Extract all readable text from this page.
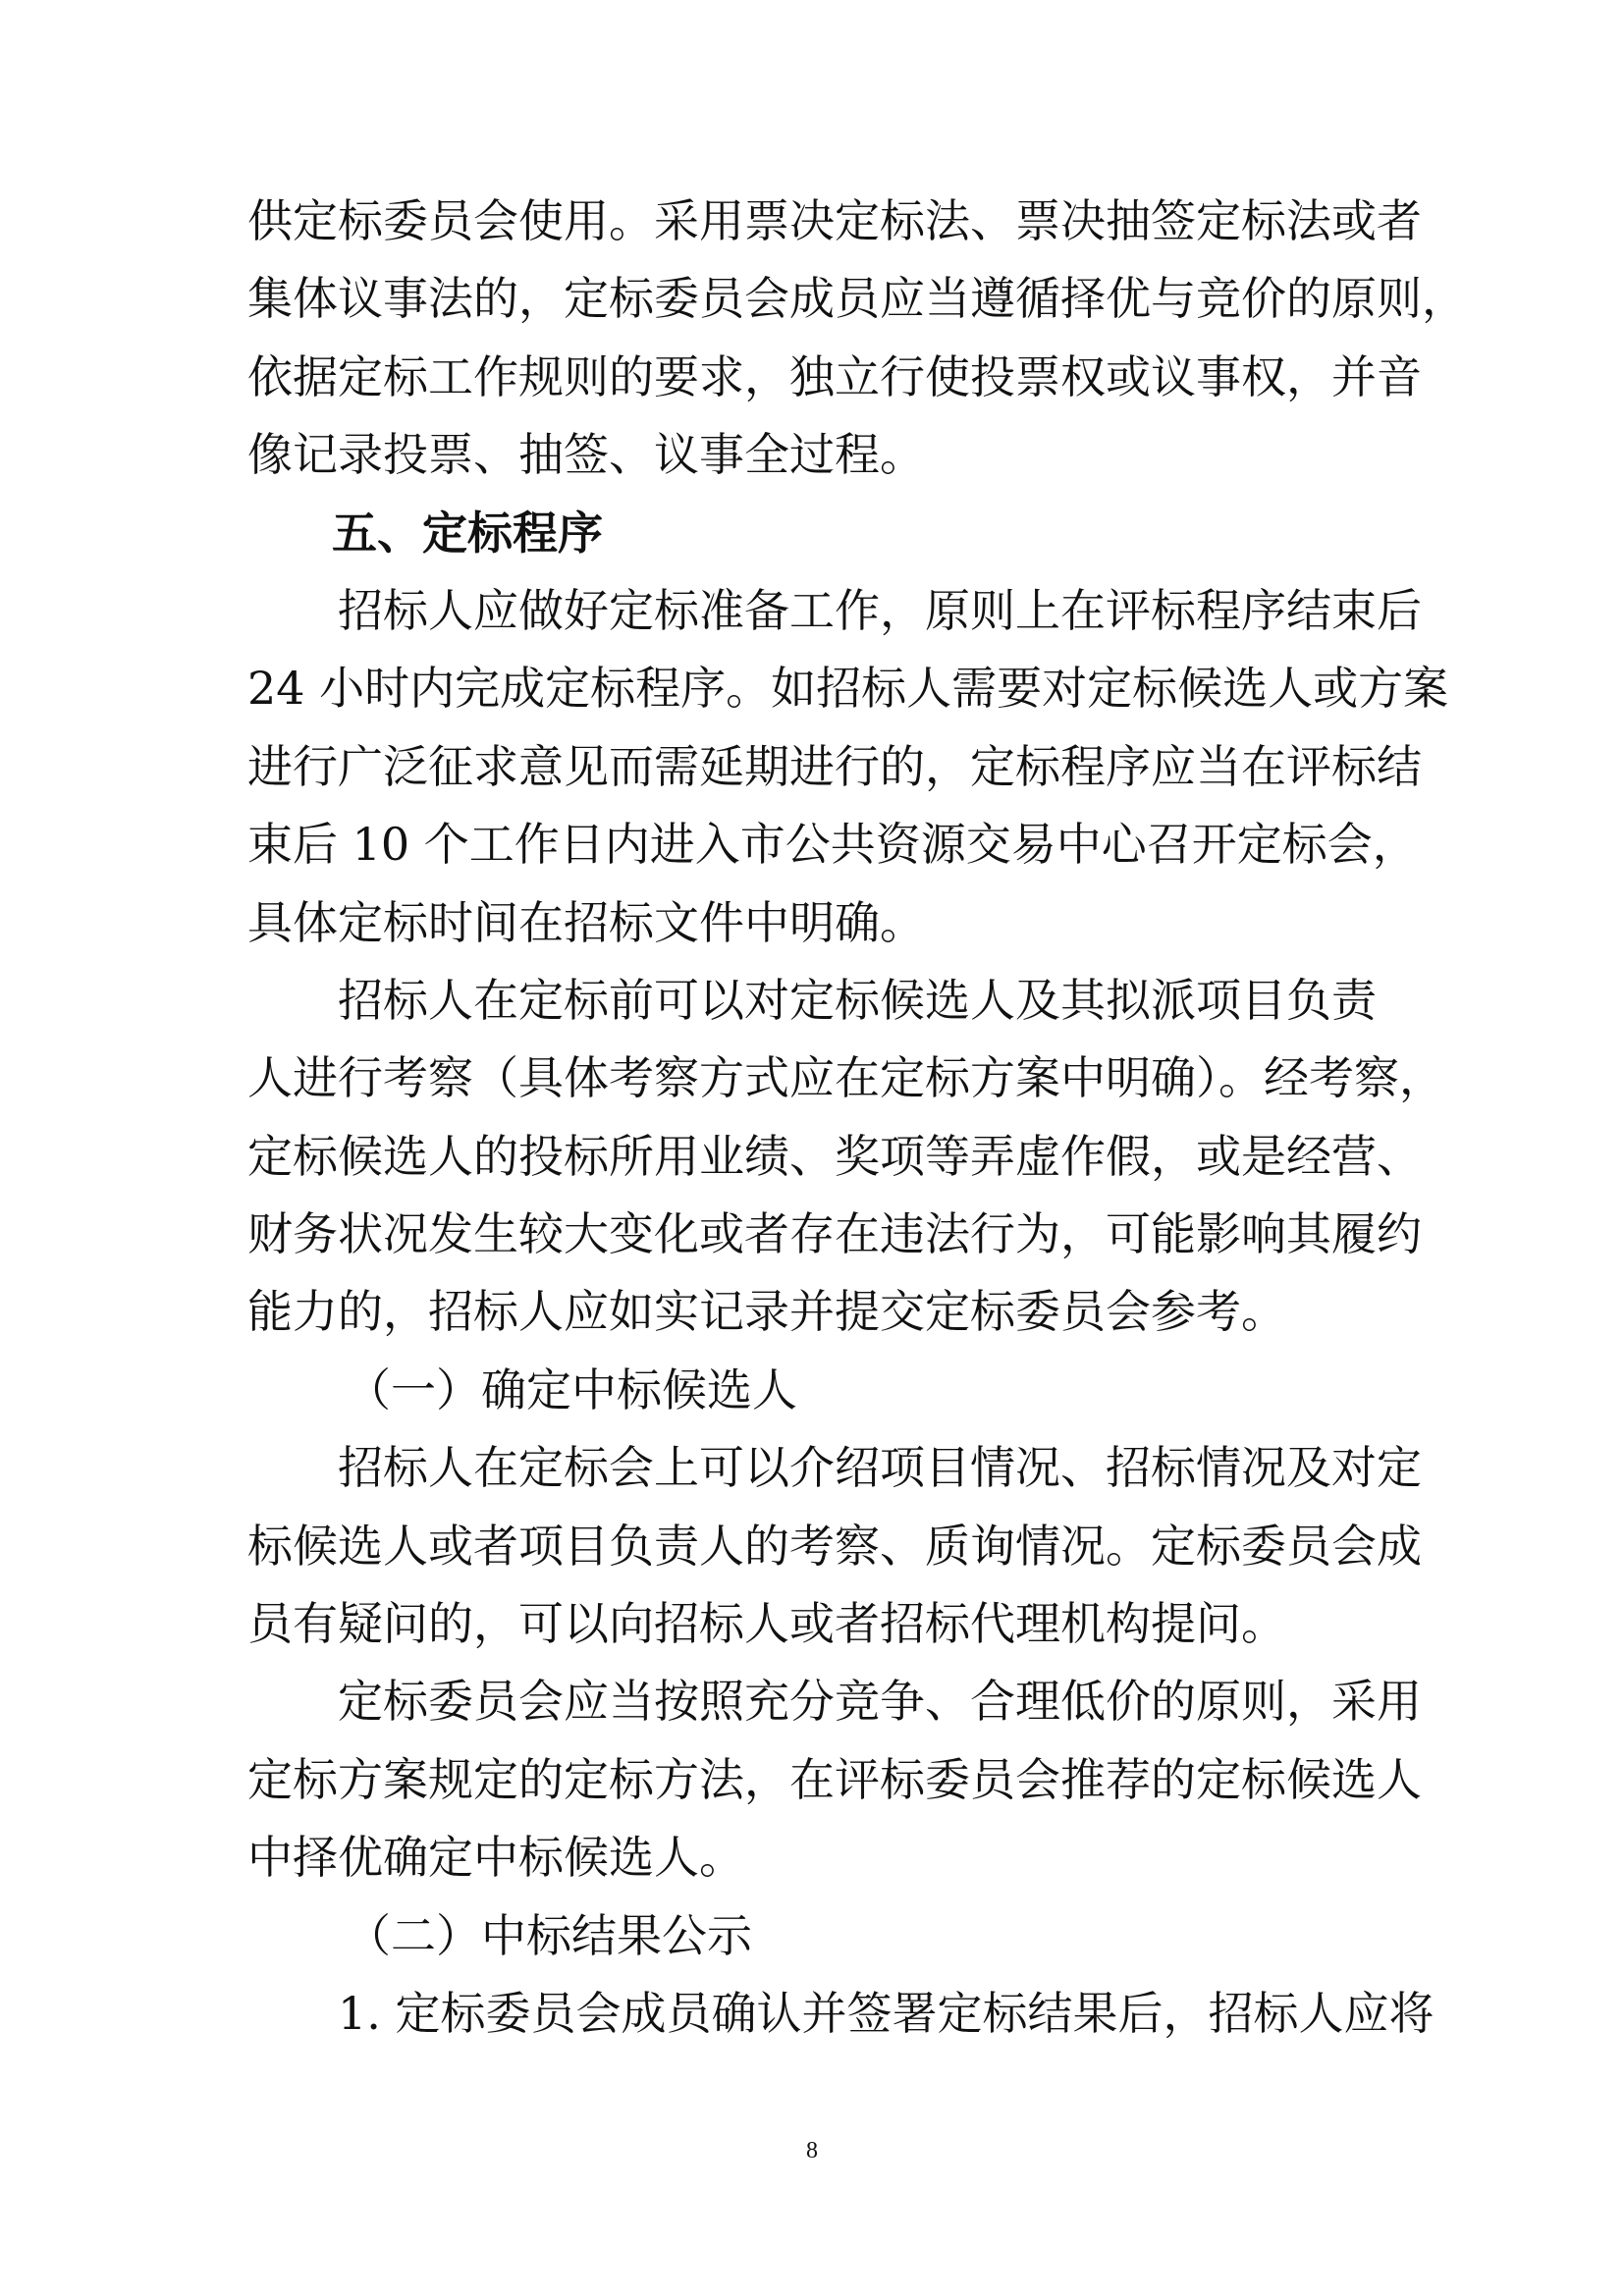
供定标委员会使用。采用票决定标法、票决抽签定标法或者
集体议事法的，定标委员会成员应当遵循择优与竞价的原则，
依据定标工作规则的要求，独立行使投票权或议事权，并音
像记录投票、抽签、议事全过程。
五、定标程序
招标人应做好定标准备工作，原则上在评标程序结束后
24 小时内完成定标程序。如招标人需要对定标候选人或方案
进行广泛征求意见而需延期进行的，定标程序应当在评标结
束后 10 个工作日内进入市公共资源交易中心召开定标会，
具体定标时间在招标文件中明确。
招标人在定标前可以对定标候选人及其拟派项目负责
人进行考察（具体考察方式应在定标方案中明确）。经考察，
定标候选人的投标所用业绩、奖项等弄虚作假，或是经营、
财务状况发生较大变化或者存在违法行为，可能影响其履约
能力的，招标人应如实记录并提交定标委员会参考。
（一）确定中标候选人
招标人在定标会上可以介绍项目情况、招标情况及对定
标候选人或者项目负责人的考察、质询情况。定标委员会成
员有疑问的，可以向招标人或者招标代理机构提问。
定标委员会应当按照充分竞争、合理低价的原则，采用
定标方案规定的定标方法，在评标委员会推荐的定标候选人
中择优确定中标候选人。
（二）中标结果公示
1. 定标委员会成员确认并签署定标结果后，招标人应将
8
